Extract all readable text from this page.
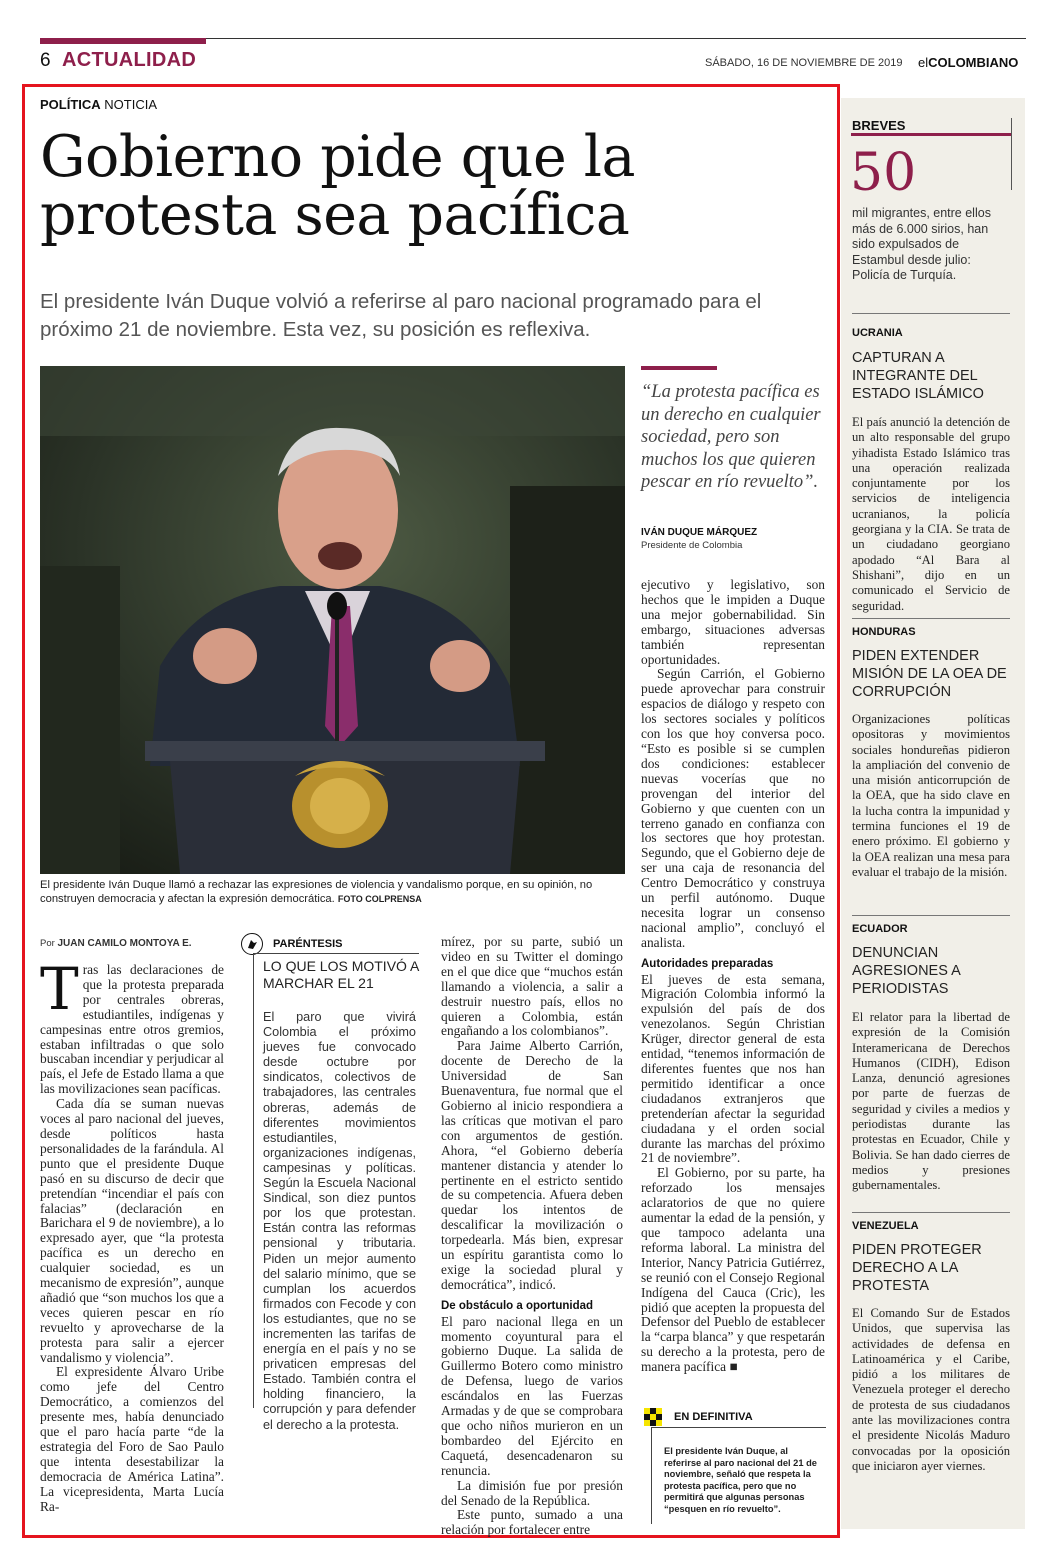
6 ACTUALIDAD	SÁBADO, 16 DE NOVIEMBRE DE 2019 elCOLOMBIANO
BREVES
50
mil migrantes, entre ellos más de 6.000 sirios, han sido expulsados de Estambul desde julio: Policía de Turquía.
UCRANIA
CAPTURAN A INTEGRANTE DEL ESTADO ISLÁMICO
El país anunció la detención de un alto responsable del grupo yihadista Estado Islámico tras una operación realizada conjuntamente por los servicios de inteligencia ucranianos, la policía georgiana y la CIA. Se trata de un ciudadano georgiano apodado “Al Bara al Shishani”, dijo en un comunicado el Servicio de seguridad.
HONDURAS
PIDEN EXTENDER MISIÓN DE LA OEA DE CORRUPCIÓN
Organizaciones políticas opositoras y movimientos sociales hondureñas pidieron la ampliación del convenio de una misión anticorrupción de la OEA, que ha sido clave en la lucha contra la impunidad y termina funciones el 19 de enero próximo. El gobierno y la OEA realizan una mesa para evaluar el trabajo de la misión.
ECUADOR
DENUNCIAN AGRESIONES A PERIODISTAS
El relator para la libertad de expresión de la Comisión Interamericana de Derechos Humanos (CIDH), Edison Lanza, denunció agresiones por parte de fuerzas de seguridad y civiles a medios y periodistas durante las protestas en Ecuador, Chile y Bolivia. Se han dado cierres de medios y presiones gubernamentales.
VENEZUELA
PIDEN PROTEGER DERECHO A LA PROTESTA
El Comando Sur de Estados Unidos, que supervisa las actividades de defensa en Latinoamérica y el Caribe, pidió a los militares de Venezuela proteger el derecho de protesta de sus ciudadanos ante las movilizaciones contra el presidente Nicolás Maduro convocadas por la oposición que iniciaron ayer viernes.
POLÍTICA NOTICIA
Gobierno pide que la protesta sea pacífica
El presidente Iván Duque volvió a referirse al paro nacional programado para el próximo 21 de noviembre. Esta vez, su posición es reflexiva.
El presidente Iván Duque llamó a rechazar las expresiones de violencia y vandalismo porque, en su opinión, no construyen democracia y afectan la expresión democrática. FOTO COLPRENSA
“La protesta pacífica es un derecho en cualquier sociedad, pero son muchos los que quieren pescar en río revuelto”.
IVÁN DUQUE MÁRQUEZ
Presidente de Colombia
Por JUAN CAMILO MONTOYA E.

Tras las declaraciones de que la protesta preparada por centrales obreras, estudiantiles, indígenas y campesinas entre otros gremios, estaban infiltradas o que solo buscaban incendiar y perjudicar al país, el Jefe de Estado llama a que las movilizaciones sean pacíficas.

Cada día se suman nuevas voces al paro nacional del jueves, desde políticos hasta personalidades de la farándula. Al punto que el presidente Duque pasó en su discurso de decir que pretendían “incendiar el país con falacias” (declaración en Barichara el 9 de noviembre), a lo expresado ayer, que “la protesta pacífica es un derecho en cualquier sociedad, es un mecanismo de expresión”, aunque añadió que “son muchos los que a veces quieren pescar en río revuelto y aprovecharse de la protesta para salir a ejercer vandalismo y violencia”.

El expresidente Álvaro Uribe como jefe del Centro Democrático, a comienzos del presente mes, había denunciado que el paro hacía parte “de la estrategia del Foro de Sao Paulo que intenta desestabilizar la democracia de América Latina”. La vicepresidenta, Marta Lucía Ra-

PARÉNTESIS
LO QUE LOS MOTIVÓ A MARCHAR EL 21
El paro que vivirá Colombia el próximo jueves fue convocado desde octubre por sindicatos, colectivos de trabajadores, las centrales obreras, además de diferentes movimientos estudiantiles, organizaciones indígenas, campesinas y políticas. Según la Escuela Nacional Sindical, son diez puntos por los que protestan. Están contra las reformas pensional y tributaria. Piden un mejor aumento del salario mínimo, que se cumplan los acuerdos firmados con Fecode y con los estudiantes, que no se incrementen las tarifas de energía en el país y no se privaticen empresas del Estado. También contra el holding financiero, la corrupción y para defender el derecho a la protesta.

mírez, por su parte, subió un video en su Twitter el domingo en el que dice que “muchos están llamando a violencia, a salir a destruir nuestro país, ellos no quieren a Colombia, están engañando a los colombianos”.

Para Jaime Alberto Carrión, docente de Derecho de la Universidad de San Buenaventura, fue normal que el Gobierno al inicio respondiera a las críticas que motivan el paro con argumentos de gestión. Ahora, “el Gobierno debería mantener distancia y atender lo pertinente en el estricto sentido de su competencia. Afuera deben quedar los intentos de descalificar la movilización o torpedearla. Más bien, expresar un espíritu garantista como lo exige la sociedad plural y democrática”, indicó.

De obstáculo a oportunidad

El paro nacional llega en un momento coyuntural para el gobierno Duque. La salida de Guillermo Botero como ministro de Defensa, luego de varios escándalos en las Fuerzas Armadas y de que se comprobara que ocho niños murieron en un bombardeo del Ejército en Caquetá, desencadenaron su renuncia.

La dimisión fue por presión del Senado de la República.

Este punto, sumado a una relación por fortalecer entre

ejecutivo y legislativo, son hechos que le impiden a Duque una mejor gobernabilidad. Sin embargo, situaciones adversas también representan oportunidades.

Según Carrión, el Gobierno puede aprovechar para construir espacios de diálogo y respeto con los sectores sociales y políticos con los que hoy conversa poco. “Esto es posible si se cumplen dos condiciones: establecer nuevas vocerías que no provengan del interior del Gobierno y que cuenten con un terreno ganado en confianza con los sectores que hoy protestan. Segundo, que el Gobierno deje de ser una caja de resonancia del Centro Democrático y construya un perfil autónomo. Duque necesita lograr un consenso nacional amplio”, concluyó el analista.

Autoridades preparadas

El jueves de esta semana, Migración Colombia informó la expulsión del país de dos venezolanos. Según Christian Krüger, director general de esta entidad, “tenemos información de diferentes fuentes que nos han permitido identificar a once ciudadanos extranjeros que pretenderían afectar la seguridad ciudadana y el orden social durante las marchas del próximo 21 de noviembre”.

El Gobierno, por su parte, ha reforzado los mensajes aclaratorios de que no quiere aumentar la edad de la pensión, y que tampoco adelanta una reforma laboral. La ministra del Interior, Nancy Patricia Gutiérrez, se reunió con el Consejo Regional Indígena del Cauca (Cric), les pidió que acepten la propuesta del Defensor del Pueblo de establecer la “carpa blanca” y que respetarán su derecho a la protesta, pero de manera pacífica ■

EN DEFINITIVA
El presidente Iván Duque, al referirse al paro nacional del 21 de noviembre, señaló que respeta la protesta pacífica, pero que no permitirá que algunas personas “pesquen en río revuelto”.
